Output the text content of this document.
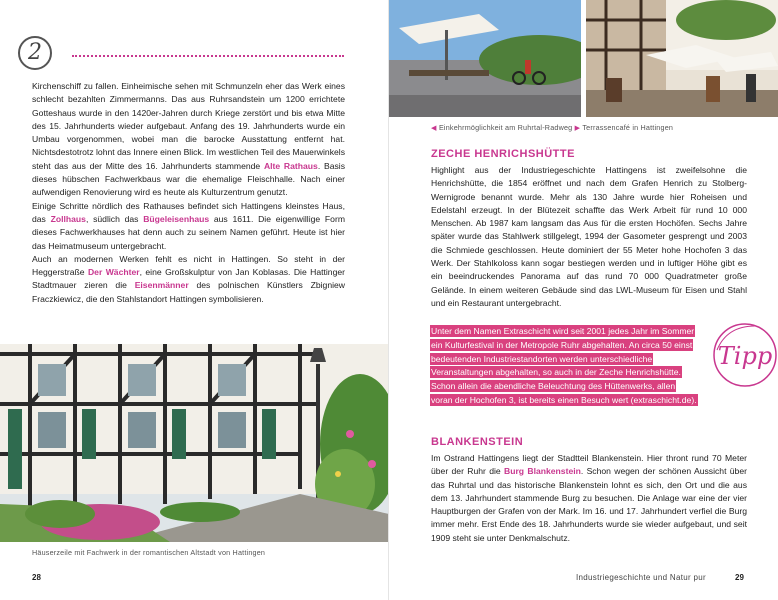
2

Kirchenschiff zu fallen. Einheimische sehen mit Schmunzeln eher das Werk eines schlecht bezahlten Zimmermanns. Das aus Ruhrsandstein um 1200 errichtete Gotteshaus wurde in den 1420er-Jahren durch Kriege zerstört und bis etwa Mitte des 15. Jahrhunderts wieder aufgebaut. Anfang des 19. Jahrhunderts wurde ein Umbau vorgenommen, wobei man die barocke Ausstattung entfernt hat. Nichtsdestotrotz lohnt das Innere einen Blick. Im westlichen Teil des Mauerwinkels steht das aus der Mitte des 16. Jahrhunderts stammende Alte Rathaus. Basis dieses hübschen Fachwerkbaus war die ehemalige Fleischhalle. Nach einer aufwendigen Renovierung wird es heute als Kulturzentrum genutzt.

Einige Schritte nördlich des Rathauses befindet sich Hattingens kleinstes Haus, das Zollhaus, südlich das Bügeleisenhaus aus 1611. Die eigenwillige Form dieses Fachwerkhauses hat denn auch zu seinem Namen geführt. Heute ist hier das Heimatmuseum untergebracht.

Auch an modernen Werken fehlt es nicht in Hattingen. So steht in der Heggerstraße Der Wächter, eine Großskulptur von Jan Koblasas. Die Hattinger Stadtmauer zieren die Eisenmänner des polnischen Künstlers Zbigniew Fraczkiewicz, die den Stahlstandort Hattingen symbolisieren.

Häuserzeile mit Fachwerk in der romantischen Altstadt von Hattingen
28
◀ Einkehrmöglichkeit am Ruhrtal-Radweg ▶ Terrassencafé in Hattingen
ZECHE HENRICHSHÜTTE
Highlight aus der Industriegeschichte Hattingens ist zweifelsohne die Henrichshütte, die 1854 eröffnet und nach dem Grafen Henrich zu Stolberg-Wernigrode benannt wurde. Mehr als 130 Jahre wurde hier Roheisen und Edelstahl erzeugt. In der Blütezeit schaffte das Werk Arbeit für rund 10 000 Menschen. Ab 1987 kam langsam das Aus für die ersten Hochöfen. Sechs Jahre später wurde das Stahlwerk stillgelegt, 1994 der Gasometer gesprengt und 2003 die Schmiede geschlossen. Heute dominiert der 55 Meter hohe Hochofen 3 das Werk. Der Stahlkoloss kann sogar bestiegen werden und in luftiger Höhe gibt es ein beeindruckendes Panorama auf das rund 70 000 Quadratmeter große Gelände. In einem weiteren Gebäude sind das LWL-Museum für Eisen und Stahl und ein Restaurant untergebracht.
BLANKENSTEIN
Im Ostrand Hattingens liegt der Stadtteil Blankenstein. Hier thront rund 70 Meter über der Ruhr die Burg Blankenstein. Schon wegen der schönen Aussicht über das Ruhrtal und das historische Blankenstein lohnt es sich, den Ort und die aus dem 13. Jahrhundert stammende Burg zu besuchen. Die Anlage war eine der vier Hauptburgen der Grafen von der Mark. Im 16. und 17. Jahrhundert verfiel die Burg immer mehr. Erst Ende des 18. Jahrhunderts wurde sie wieder aufgebaut, und seit 1909 steht sie unter Denkmalschutz.
Industriegeschichte und Natur pur	29
Unter dem Namen Extraschicht wird seit 2001 jedes Jahr im Sommer ein Kulturfestival in der Metropole Ruhr abgehalten. An circa 50 einst bedeutenden Industriestandorten werden unterschiedliche Veranstaltungen abgehalten, so auch in der Zeche Henrichshütte. Schon allein die abendliche Beleuchtung des Hüttenwerks, allen voran der Hochofen 3, ist bereits einen Besuch wert (extraschicht.de).
Tipp
